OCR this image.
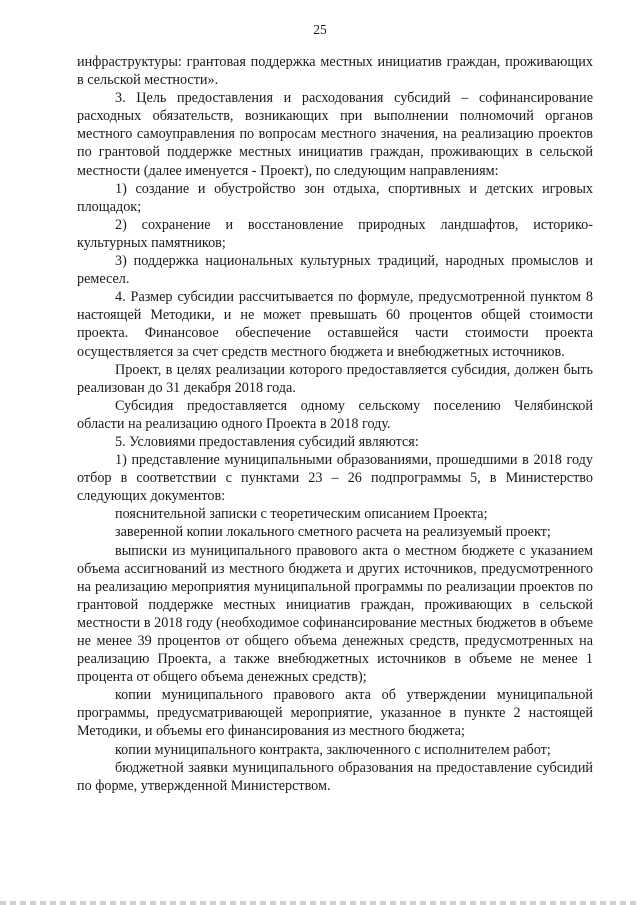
25

инфраструктуры: грантовая поддержка местных инициатив граждан, проживающих в сельской местности».

3. Цель предоставления и расходования субсидий – софинансирование расходных обязательств, возникающих при выполнении полномочий органов местного самоуправления по вопросам местного значения, на реализацию проектов по грантовой поддержке местных инициатив граждан, проживающих в сельской местности (далее именуется - Проект), по следующим направлениям:

1) создание и обустройство зон отдыха, спортивных и детских игровых площадок;

2) сохранение и восстановление природных ландшафтов, историко-культурных памятников;

3) поддержка национальных культурных традиций, народных промыслов и ремесел.

4. Размер субсидии рассчитывается по формуле, предусмотренной пунктом 8 настоящей Методики, и не может превышать 60 процентов общей стоимости проекта. Финансовое обеспечение оставшейся части стоимости проекта осуществляется за счет средств местного бюджета и внебюджетных источников.

Проект, в целях реализации которого предоставляется субсидия, должен быть реализован до 31 декабря 2018 года.

Субсидия предоставляется одному сельскому поселению Челябинской области на реализацию одного Проекта в 2018 году.

5. Условиями предоставления субсидий являются:

1) представление муниципальными образованиями, прошедшими в 2018 году отбор в соответствии с пунктами 23 – 26 подпрограммы 5, в Министерство следующих документов:

пояснительной записки с теоретическим описанием Проекта;

заверенной копии локального сметного расчета на реализуемый проект;

выписки из муниципального правового акта о местном бюджете с указанием объема ассигнований из местного бюджета и других источников, предусмотренного на реализацию мероприятия муниципальной программы по реализации проектов по грантовой поддержке местных инициатив граждан, проживающих в сельской местности в 2018 году (необходимое софинансирование местных бюджетов в объеме не менее 39 процентов от общего объема денежных средств, предусмотренных на реализацию Проекта, а также внебюджетных источников в объеме не менее 1 процента от общего объема денежных средств);

копии муниципального правового акта об утверждении муниципальной программы, предусматривающей мероприятие, указанное в пункте 2 настоящей Методики, и объемы его финансирования из местного бюджета;

копии муниципального контракта, заключенного с исполнителем работ;

бюджетной заявки муниципального образования на предоставление субсидий по форме, утвержденной Министерством.
